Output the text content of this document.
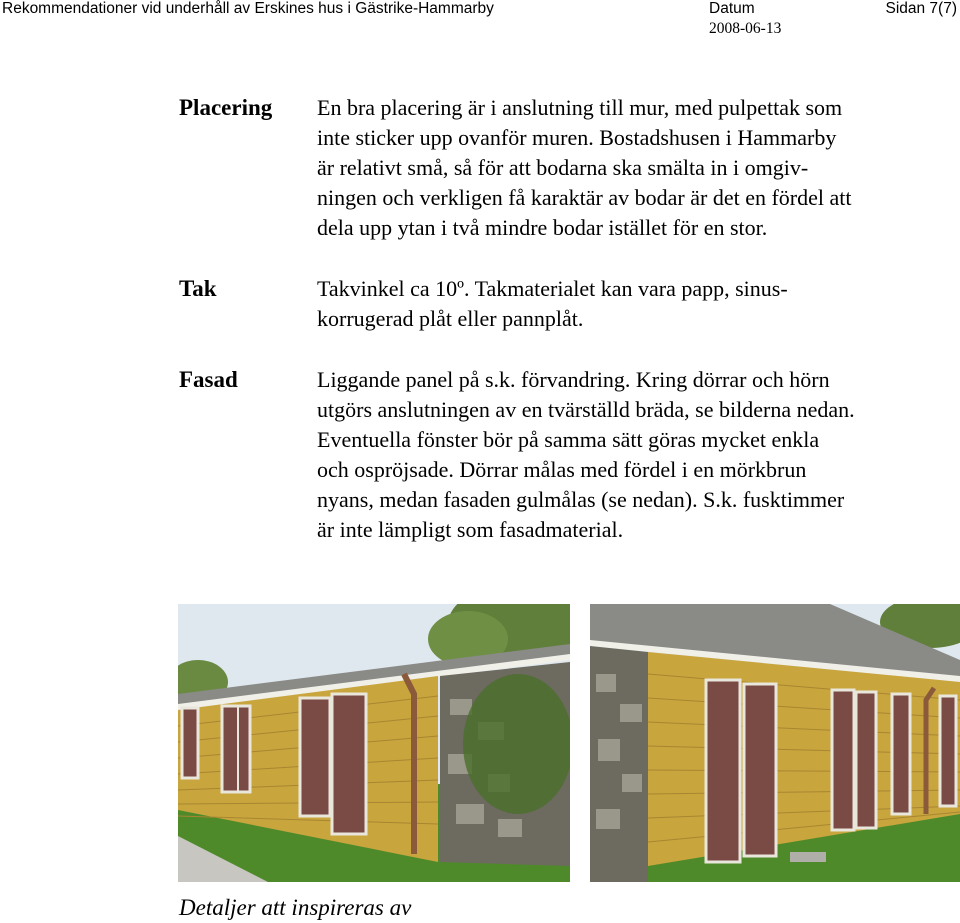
Rekommendationer vid underhåll av Erskines hus i Gästrike-Hammarby	Datum
2008-06-13
Sidan 7(7)
Placering En bra placering är i anslutning till mur, med pulpettak som
inte sticker upp ovanför muren. Bostadshusen i Hammarby
är relativt små, så för att bodarna ska smälta in i omgiv-
ningen och verkligen få karaktär av bodar är det en fördel att
dela upp ytan i två mindre bodar istället för en stor.
Tak	Takvinkel ca 10º. Takmaterialet kan vara papp, sinus-
korrugerad plåt eller pannplåt.
Fasad	Liggande panel på s.k. förvandring. Kring dörrar och hörn
utgörs anslutningen av en tvärställd bräda, se bilderna nedan.
Eventuella fönster bör på samma sätt göras mycket enkla
och ospröjsade. Dörrar målas med fördel i en mörkbrun
nyans, medan fasaden gulmålas (se nedan). S.k. fusktimmer
är inte lämpligt som fasadmaterial.
Detaljer att inspireras av
